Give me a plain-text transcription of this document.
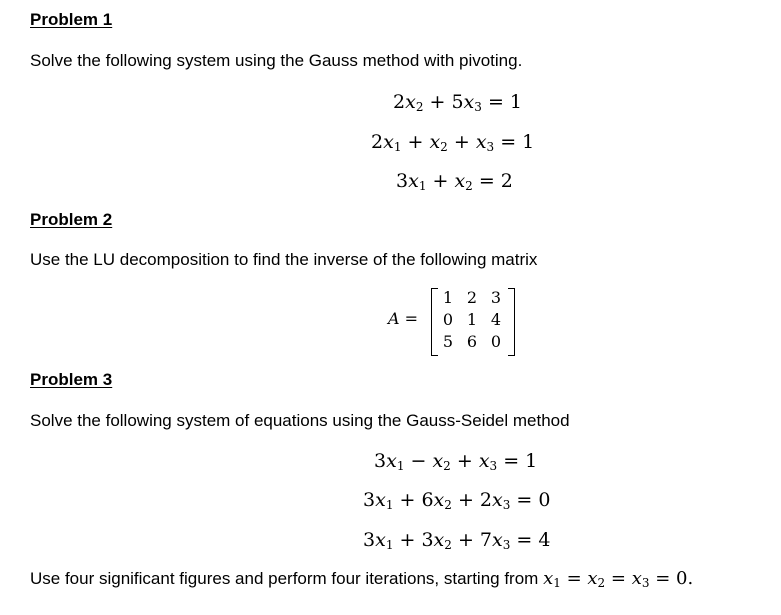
Problem 1
Solve the following system using the Gauss method with pivoting.
$2x_2 + 5x_3 = 1$
$2x_1 + x_2 + x_3 = 1$
$3x_1 + x_2 = 2$
Problem 2
Use the LU decomposition to find the inverse of the following matrix
A =
1 2 3
0 1 4
5 6 0
Problem 3
Solve the following system of equations using the Gauss-Seidel method
$3x_1 - x_2 + x_3 = 1$
$3x_1 + 6x_2 + 2x_3 = 0$
$3x_1 + 3x_2 + 7x_3 = 4$
Use four significant figures and perform four iterations, starting from $x_1 = x_2 = x_3 = 0$.
